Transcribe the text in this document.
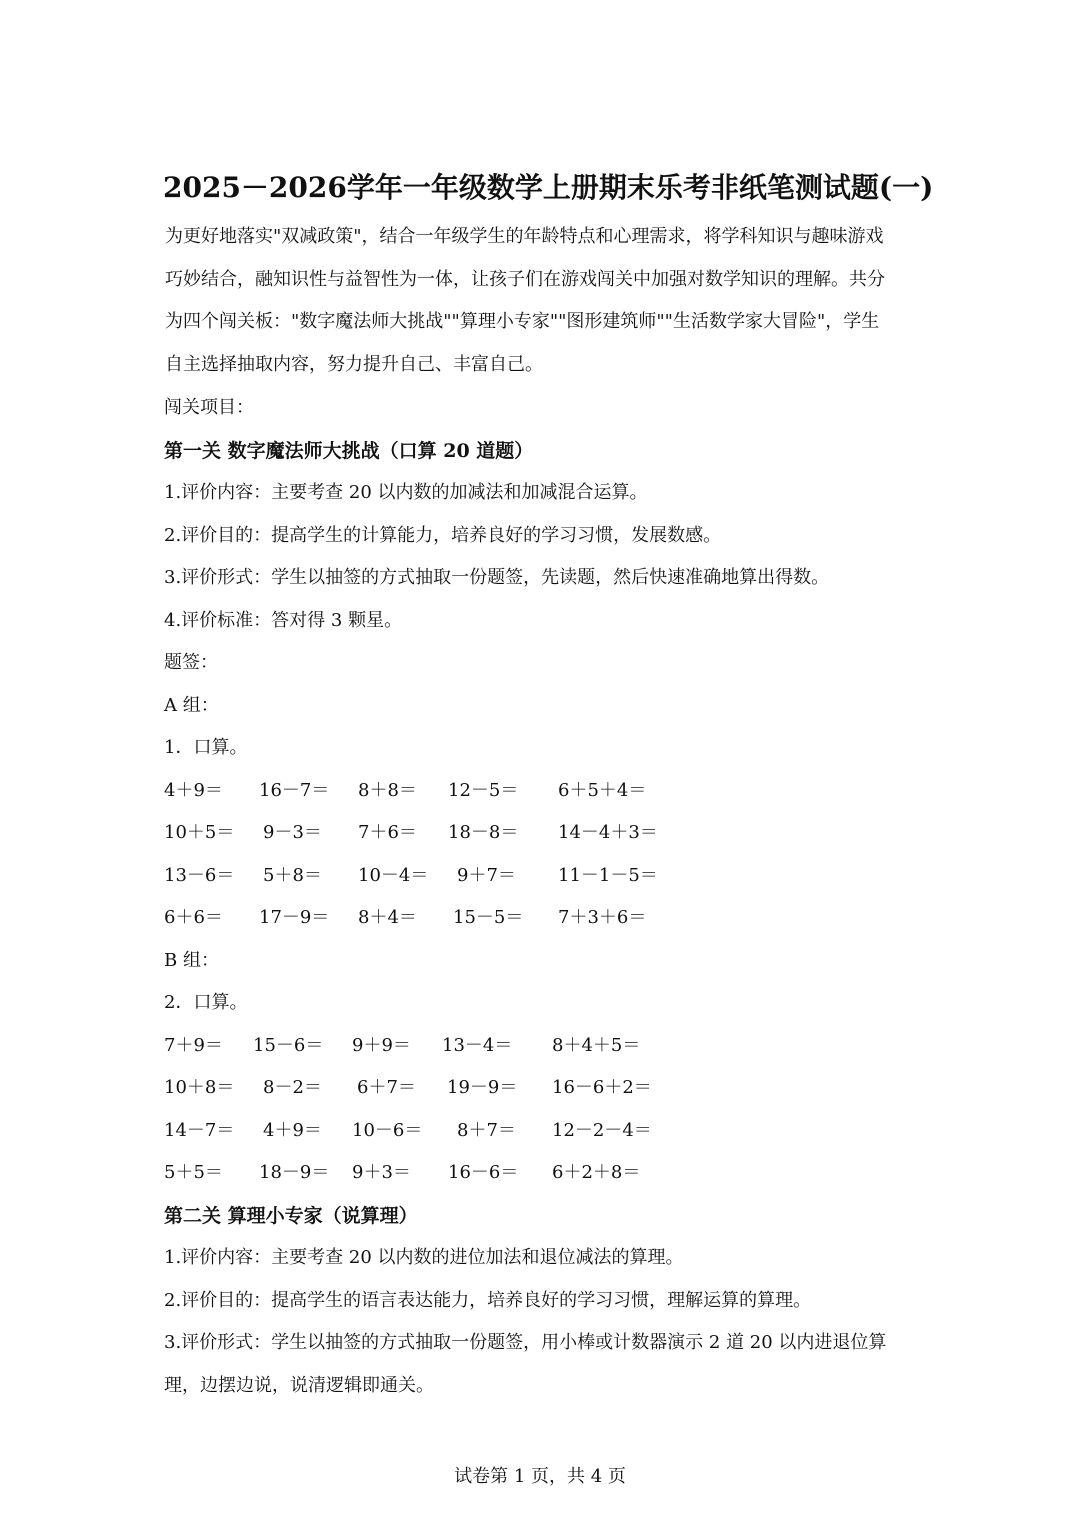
2025－2026学年一年级数学上册期末乐考非纸笔测试题(一)
为更好地落实"双减政策"，结合一年级学生的年龄特点和心理需求，将学科知识与趣味游戏
巧妙结合，融知识性与益智性为一体，让孩子们在游戏闯关中加强对数学知识的理解。共分
为四个闯关板："数字魔法师大挑战""算理小专家""图形建筑师""生活数学家大冒险"，学生
自主选择抽取内容，努力提升自己、丰富自己。
闯关项目：
第一关 数字魔法师大挑战（口算 20 道题）
1.评价内容：主要考查 20 以内数的加减法和加减混合运算。
2.评价目的：提高学生的计算能力，培养良好的学习习惯，发展数感。
3.评价形式：学生以抽签的方式抽取一份题签，先读题，然后快速准确地算出得数。
4.评价标准：答对得 3 颗星。
题签：
A 组：
1．口算。
4＋9＝ 16－7＝ 8＋8＝ 12－5＝ 6＋5＋4＝
10＋5＝ 9－3＝ 7＋6＝ 18－8＝ 14－4＋3＝
13－6＝ 5＋8＝ 10－4＝ 9＋7＝ 11－1－5＝
6＋6＝ 17－9＝ 8＋4＝ 15－5＝ 7＋3＋6＝
B 组：
2．口算。
7＋9＝ 15－6＝ 9＋9＝ 13－4＝ 8＋4＋5＝
10＋8＝ 8－2＝ 6＋7＝ 19－9＝ 16－6＋2＝
14－7＝ 4＋9＝ 10－6＝ 8＋7＝ 12－2－4＝
5＋5＝ 18－9＝ 9＋3＝ 16－6＝ 6＋2＋8＝
第二关 算理小专家（说算理）
1.评价内容：主要考查 20 以内数的进位加法和退位减法的算理。
2.评价目的：提高学生的语言表达能力，培养良好的学习习惯，理解运算的算理。
3.评价形式：学生以抽签的方式抽取一份题签，用小棒或计数器演示 2 道 20 以内进退位算
理，边摆边说，说清逻辑即通关。
试卷第 1 页，共 4 页
